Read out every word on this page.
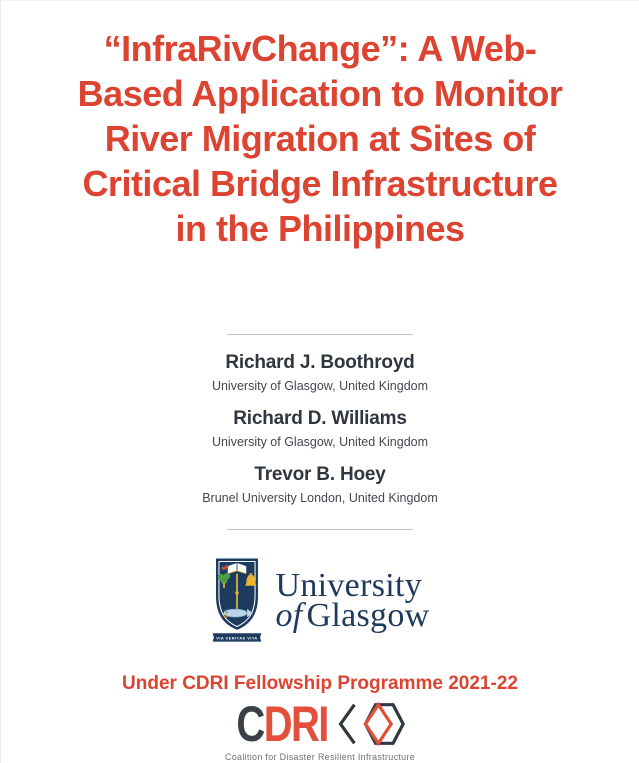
“InfraRivChange”: A Web-
Based Application to Monitor
River Migration at Sites of
Critical Bridge Infrastructure
in the Philippines
Richard J. Boothroyd
University of Glasgow, United Kingdom
Richard D. Williams
University of Glasgow, United Kingdom
Trevor B. Hoey
Brunel University London, United Kingdom
VIA VERITAS VITA
University
of Glasgow
Under CDRI Fellowship Programme 2021-22
CDRI
Coalition for Disaster Resilient Infrastructure
